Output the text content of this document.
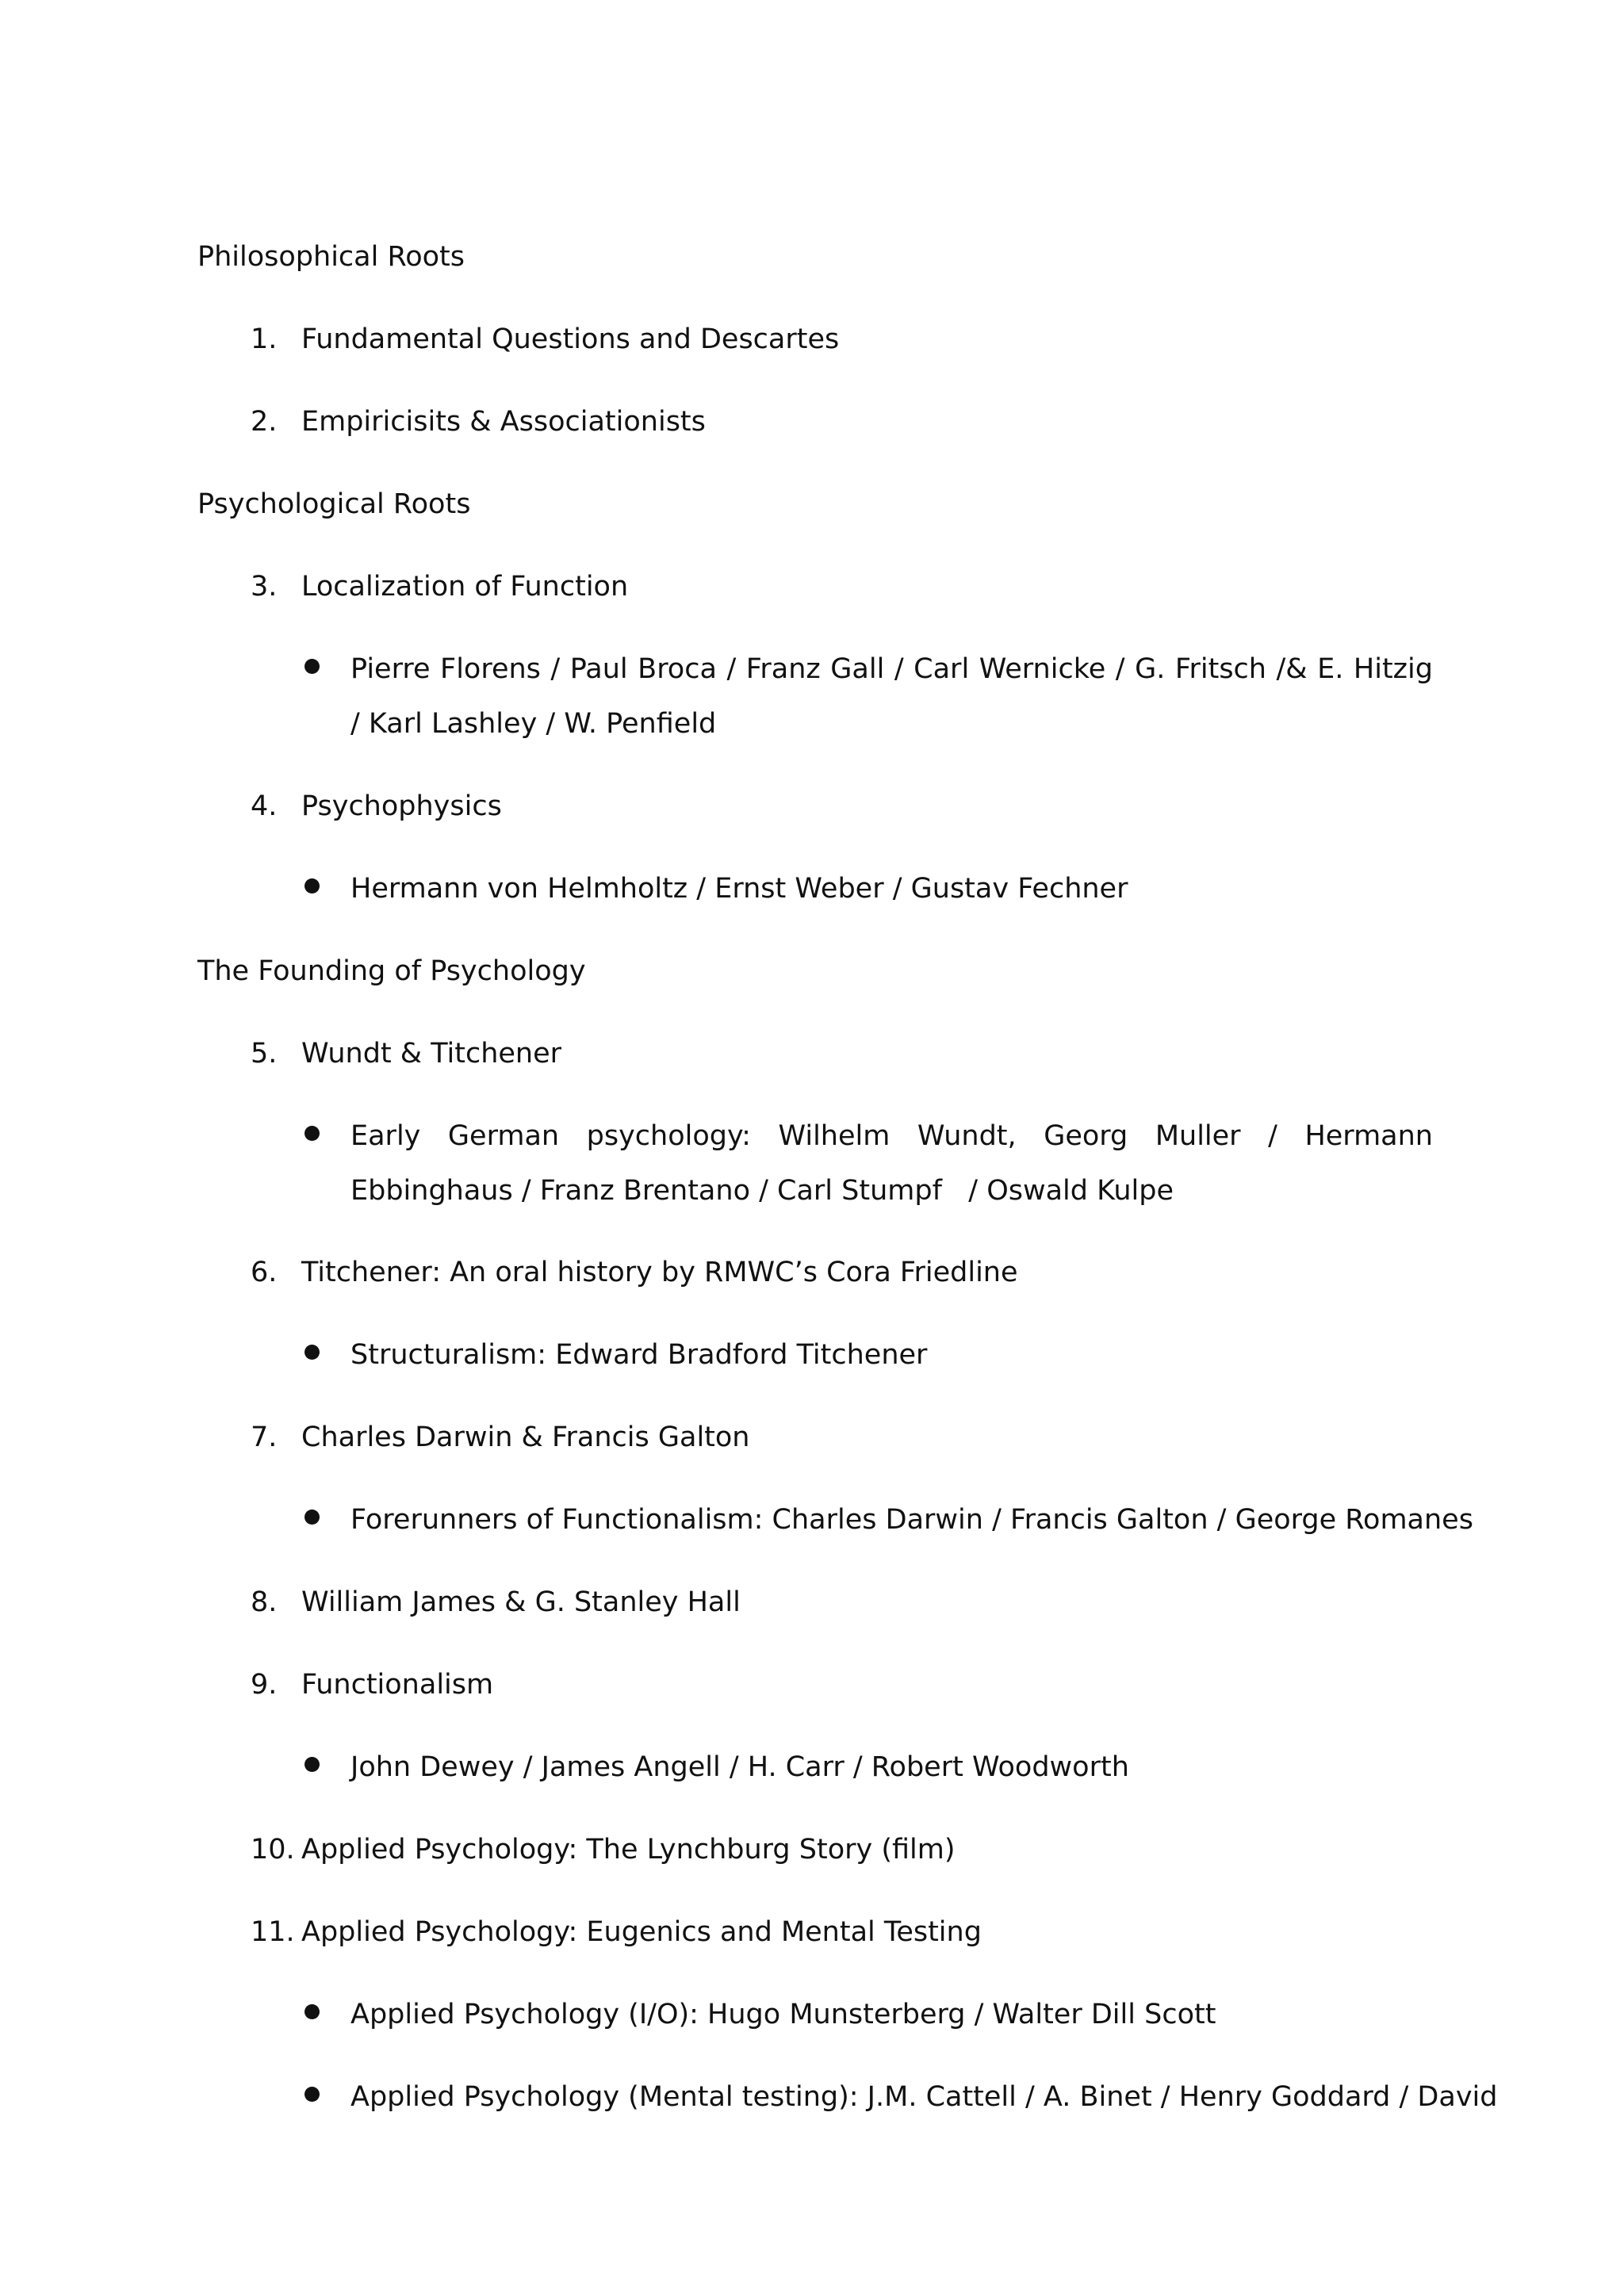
Philosophical Roots
1. Fundamental Questions and Descartes
2. Empiricisits & Associationists
Psychological Roots
3. Localization of Function
Pierre Florens / Paul Broca / Franz Gall / Carl Wernicke / G. Fritsch /& E. Hitzig / Karl Lashley / W. Penfield
4. Psychophysics
Hermann von Helmholtz / Ernst Weber / Gustav Fechner
The Founding of Psychology
5. Wundt & Titchener
Early German psychology: Wilhelm Wundt, Georg Muller / Hermann Ebbinghaus / Franz Brentano / Carl Stumpf   / Oswald Kulpe
6. Titchener: An oral history by RMWC’s Cora Friedline
Structuralism: Edward Bradford Titchener
7. Charles Darwin & Francis Galton
Forerunners of Functionalism: Charles Darwin / Francis Galton / George Romanes
8. William James & G. Stanley Hall
9. Functionalism
John Dewey / James Angell / H. Carr / Robert Woodworth
10. Applied Psychology: The Lynchburg Story (film)
11. Applied Psychology: Eugenics and Mental Testing
Applied Psychology (I/O): Hugo Munsterberg / Walter Dill Scott
Applied Psychology (Mental testing): J.M. Cattell / A. Binet / Henry Goddard / David
